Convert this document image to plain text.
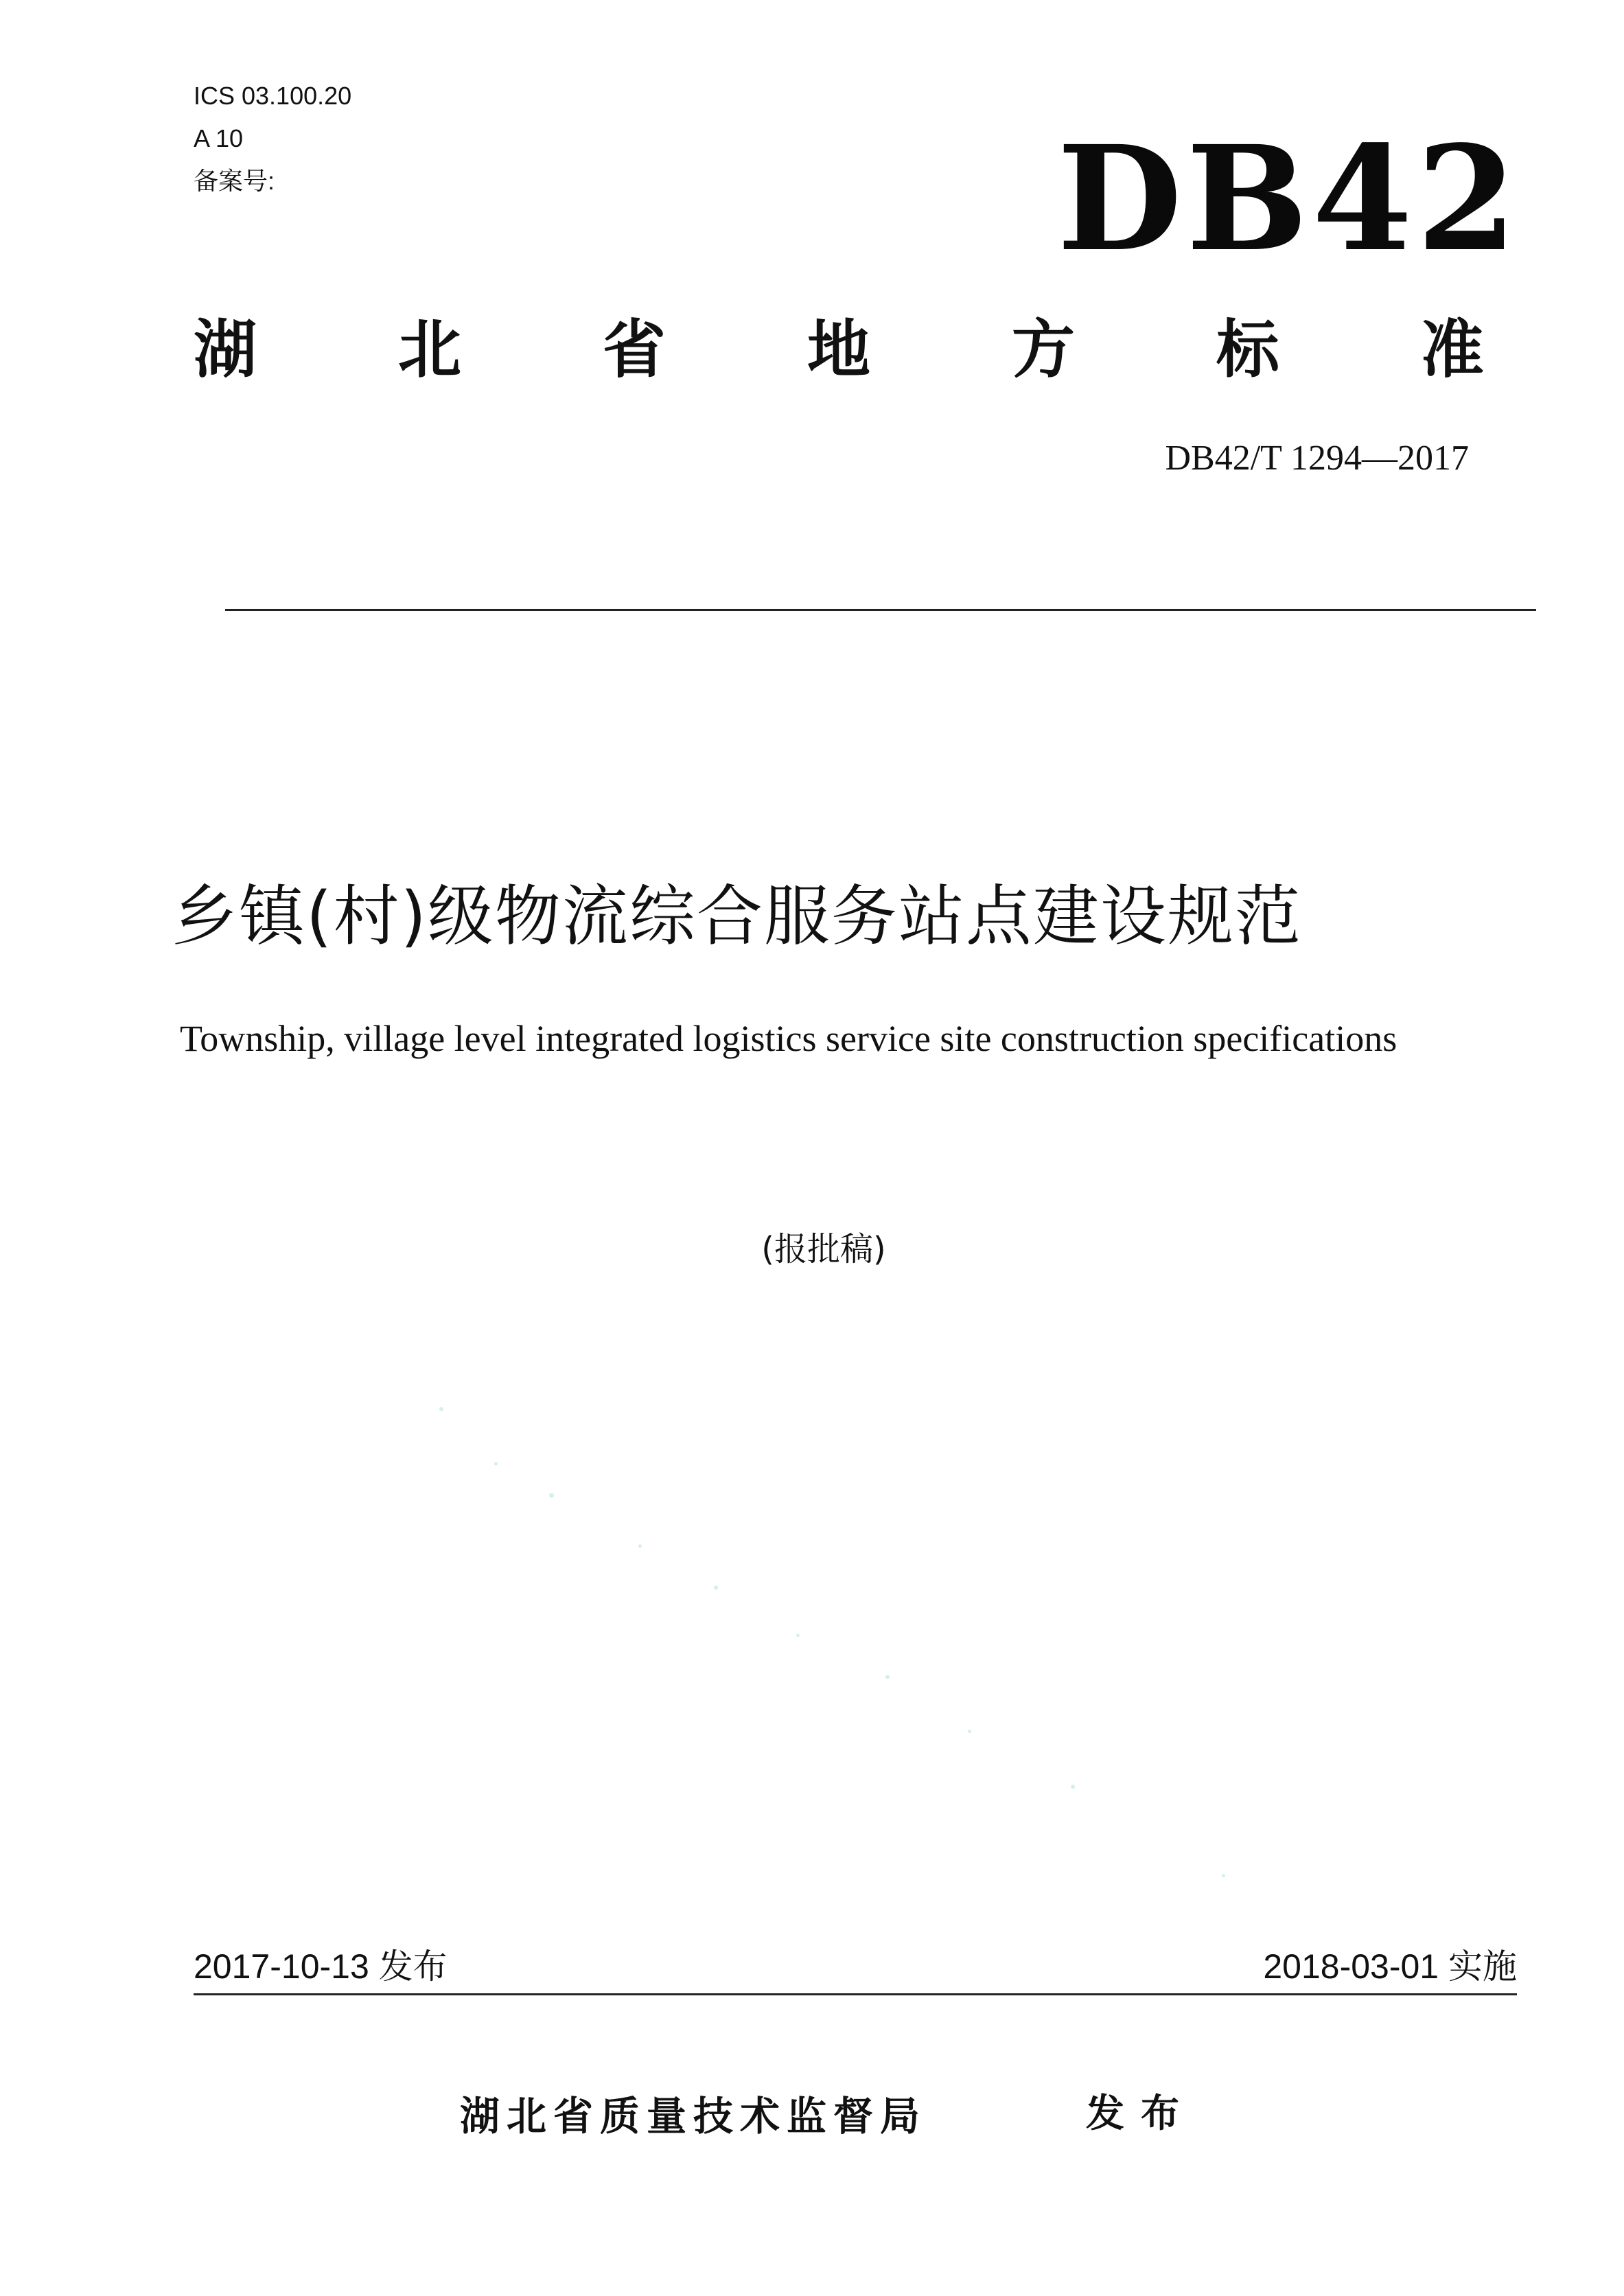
ICS 03.100.20
A 10
备案号:	DB42
湖 北 省 地 方 标 准
DB42/T 1294—2017
乡镇(村)级物流综合服务站点建设规范
Township, village level integrated logistics service site construction specifications
(报批稿)
2017-10-13 发布	2018-03-01 实施
湖北省质量技术监督局	发布
